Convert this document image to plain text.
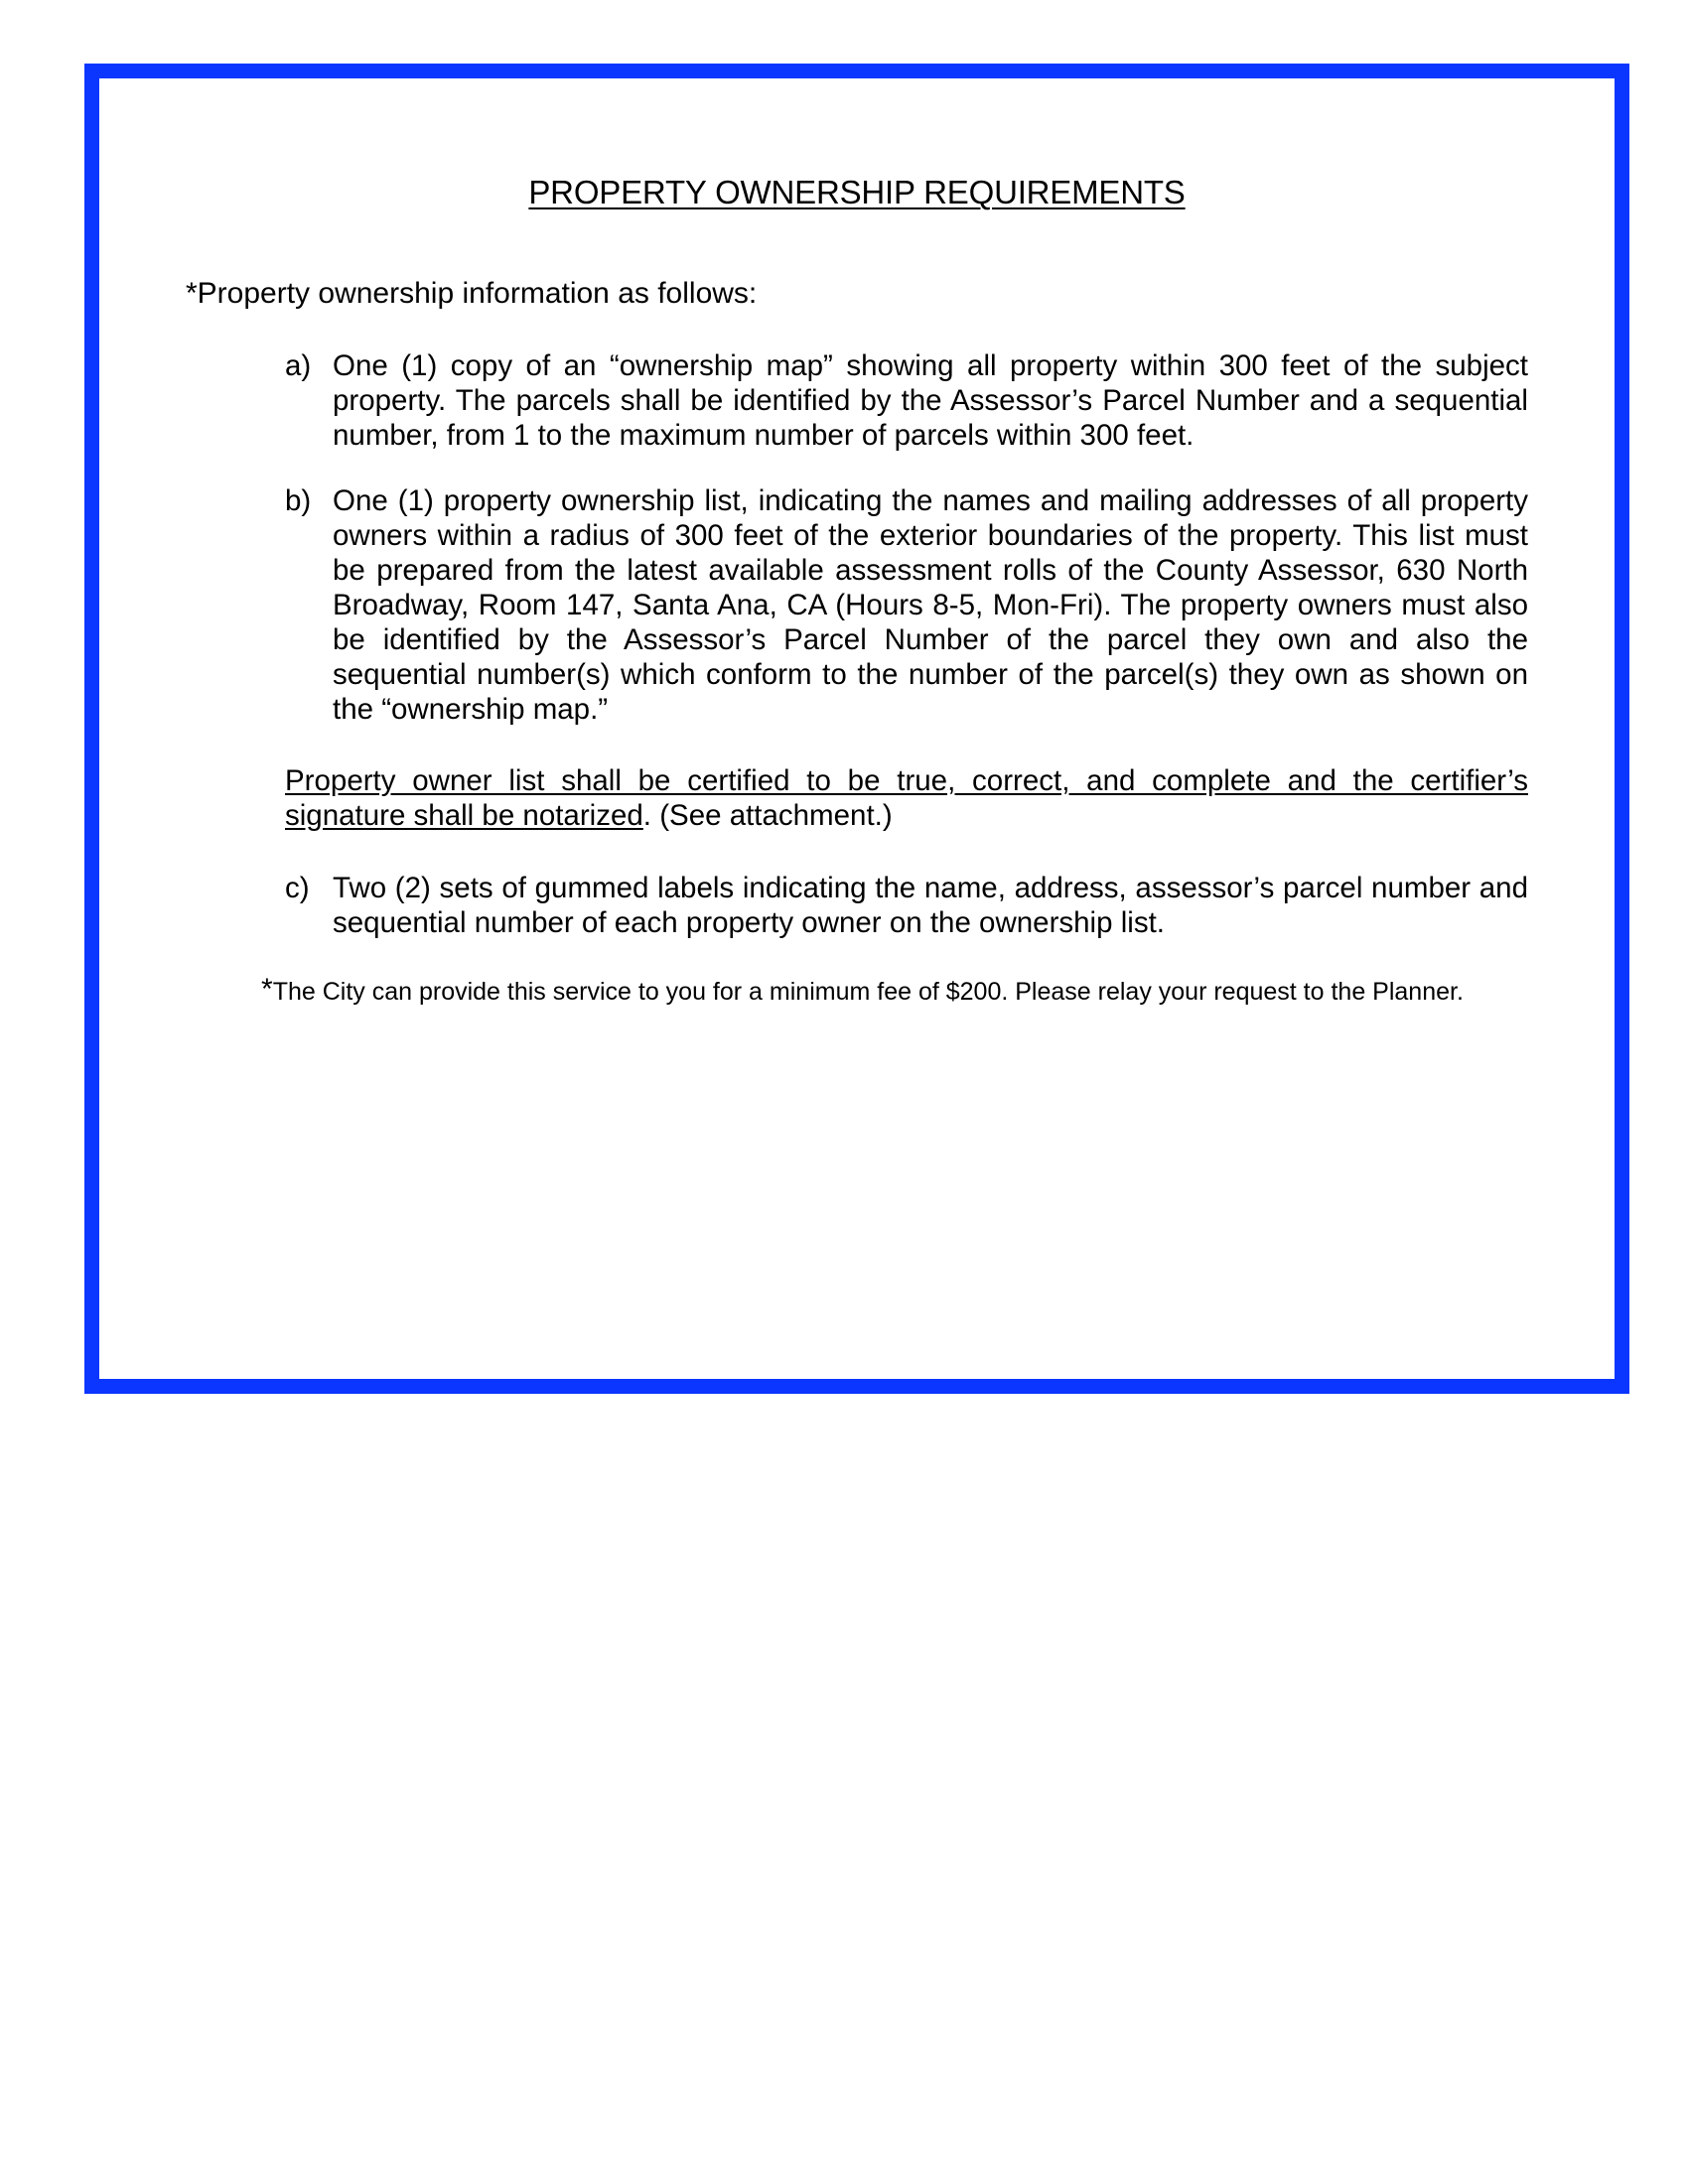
PROPERTY OWNERSHIP REQUIREMENTS
*Property ownership information as follows:
a) One (1) copy of an “ownership map” showing all property within 300 feet of the subject property. The parcels shall be identified by the Assessor’s Parcel Number and a sequential number, from 1 to the maximum number of parcels within 300 feet.
b) One (1) property ownership list, indicating the names and mailing addresses of all property owners within a radius of 300 feet of the exterior boundaries of the property. This list must be prepared from the latest available assessment rolls of the County Assessor, 630 North Broadway, Room 147, Santa Ana, CA (Hours 8-5, Mon-Fri). The property owners must also be identified by the Assessor’s Parcel Number of the parcel they own and also the sequential number(s) which conform to the number of the parcel(s) they own as shown on the “ownership map.”
Property owner list shall be certified to be true, correct, and complete and the certifier’s signature shall be notarized. (See attachment.)
c) Two (2) sets of gummed labels indicating the name, address, assessor’s parcel number and sequential number of each property owner on the ownership list.
*The City can provide this service to you for a minimum fee of $200. Please relay your request to the Planner.
